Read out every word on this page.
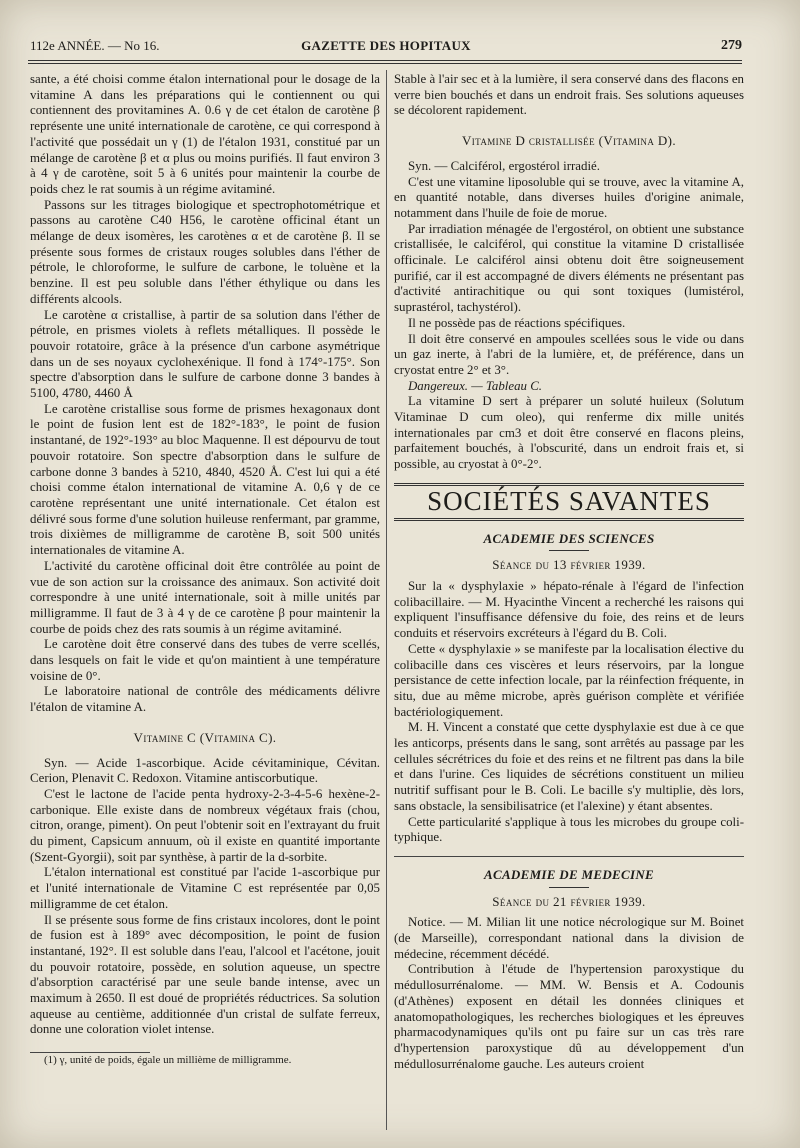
112e ANNÉE. — No 16.	GAZETTE DES HOPITAUX	279

sante, a été choisi comme étalon international pour le dosage de la vitamine A dans les préparations qui le contiennent ou qui contiennent des provitamines A. 0.6 γ de cet étalon de carotène β représente une unité internationale de carotène, ce qui correspond à l'activité que possédait un γ (1) de l'étalon 1931, constitué par un mélange de carotène β et α plus ou moins purifiés. Il faut environ 3 à 4 γ de carotène, soit 5 à 6 unités pour maintenir la courbe de poids chez le rat soumis à un régime avitaminé.

Passons sur les titrages biologique et spectrophotométrique et passons au carotène C40 H56, le carotène officinal étant un mélange de deux isomères, les carotènes α et de carotène β. Il se présente sous formes de cristaux rouges solubles dans l'éther de pétrole, le chloroforme, le sulfure de carbone, le toluène et la benzine. Il est peu soluble dans l'éther éthylique ou dans les différents alcools.

Le carotène α cristallise, à partir de sa solution dans l'éther de pétrole, en prismes violets à reflets métalliques. Il possède le pouvoir rotatoire, grâce à la présence d'un carbone asymétrique dans un de ses noyaux cyclohexénique. Il fond à 174°-175°. Son spectre d'absorption dans le sulfure de carbone donne 3 bandes à 5100, 4780, 4460 Å

Le carotène cristallise sous forme de prismes hexagonaux dont le point de fusion lent est de 182°-183°, le point de fusion instantané, de 192°-193° au bloc Maquenne. Il est dépourvu de tout pouvoir rotatoire. Son spectre d'absorption dans le sulfure de carbone donne 3 bandes à 5210, 4840, 4520 Å. C'est lui qui a été choisi comme étalon international de vitamine A. 0,6 γ de ce carotène représentant une unité internationale. Cet étalon est délivré sous forme d'une solution huileuse renfermant, par gramme, trois dixièmes de milligramme de carotène B, soit 500 unités internationales de vitamine A.

L'activité du carotène officinal doit être contrôlée au point de vue de son action sur la croissance des animaux. Son activité doit correspondre à une unité internationale, soit à mille unités par milligramme. Il faut de 3 à 4 γ de ce carotène β pour maintenir la courbe de poids chez des rats soumis à un régime avitaminé.

Le carotène doit être conservé dans des tubes de verre scellés, dans lesquels on fait le vide et qu'on maintient à une température voisine de 0°.

Le laboratoire national de contrôle des médicaments délivre l'étalon de vitamine A.

Vitamine C (Vitamina C).

Syn. — Acide 1-ascorbique. Acide cévitaminique, Cévitan. Cerion, Plenavit C. Redoxon. Vitamine antiscorbutique.

C'est le lactone de l'acide penta hydroxy-2-3-4-5-6 hexène-2-carbonique. Elle existe dans de nombreux végétaux frais (chou, citron, orange, piment). On peut l'obtenir soit en l'extrayant du fruit du piment, Capsicum annuum, où il existe en quantité importante (Szent-Gyorgii), soit par synthèse, à partir de la d-sorbite.

L'étalon international est constitué par l'acide 1-ascorbique pur et l'unité internationale de Vitamine C est représentée par 0,05 milligramme de cet étalon.

Il se présente sous forme de fins cristaux incolores, dont le point de fusion est à 189° avec décomposition, le point de fusion instantané, 192°. Il est soluble dans l'eau, l'alcool et l'acétone, jouit du pouvoir rotatoire, possède, en solution aqueuse, un spectre d'absorption caractérisé par une seule bande intense, avec un maximum à 2650. Il est doué de propriétés réductrices. Sa solution aqueuse au centième, additionnée d'un cristal de sulfate ferreux, donne une coloration violet intense.

(1) γ, unité de poids, égale un millième de milligramme.

Stable à l'air sec et à la lumière, il sera conservé dans des flacons en verre bien bouchés et dans un endroit frais. Ses solutions aqueuses se décolorent rapidement.

Vitamine D cristallisée (Vitamina D).

Syn. — Calciférol, ergostérol irradié.

C'est une vitamine liposoluble qui se trouve, avec la vitamine A, en quantité notable, dans diverses huiles d'origine animale, notamment dans l'huile de foie de morue.

Par irradiation ménagée de l'ergostérol, on obtient une substance cristallisée, le calciférol, qui constitue la vitamine D cristallisée officinale. Le calciférol ainsi obtenu doit être soigneusement purifié, car il est accompagné de divers éléments ne présentant pas d'activité antirachitique ou qui sont toxiques (lumistérol, suprastérol, tachystérol).

Il ne possède pas de réactions spécifiques.

Il doit être conservé en ampoules scellées sous le vide ou dans un gaz inerte, à l'abri de la lumière, et, de préférence, dans un cryostat entre 2° et 3°.

Dangereux. — Tableau C.

La vitamine D sert à préparer un soluté huileux (Solutum Vitaminae D cum oleo), qui renferme dix mille unités internationales par cm3 et doit être conservé en flacons pleins, parfaitement bouchés, à l'obscurité, dans un endroit frais et, si possible, au cryostat à 0°-2°.

SOCIÉTÉS SAVANTES
ACADEMIE DES SCIENCES
Séance du 13 février 1939.

Sur la « dysphylaxie » hépato-rénale à l'égard de l'infection colibacillaire. — M. Hyacinthe Vincent a recherché les raisons qui expliquent l'insuffisance défensive du foie, des reins et de leurs conduits et réservoirs excréteurs à l'égard du B. Coli.

Cette « dysphylaxie » se manifeste par la localisation élective du colibacille dans ces viscères et leurs réservoirs, par la longue persistance de cette infection locale, par la réinfection fréquente, in situ, due au même microbe, après guérison complète et vérifiée bactériologiquement.

M. H. Vincent a constaté que cette dysphylaxie est due à ce que les anticorps, présents dans le sang, sont arrêtés au passage par les cellules sécrétrices du foie et des reins et ne filtrent pas dans la bile et dans l'urine. Ces liquides de sécrétions constituent un milieu nutritif suffisant pour le B. Coli. Le bacille s'y multiplie, dès lors, sans obstacle, la sensibilisatrice (et l'alexine) y étant absentes.

Cette particularité s'applique à tous les microbes du groupe coli-typhique.

ACADEMIE DE MEDECINE
Séance du 21 février 1939.

Notice. — M. Milian lit une notice nécrologique sur M. Boinet (de Marseille), correspondant national dans la division de médecine, récemment décédé.

Contribution à l'étude de l'hypertension paroxystique du médullosurrénalome. — MM. W. Bensis et A. Codounis (d'Athènes) exposent en détail les données cliniques et anatomopathologiques, les recherches biologiques et les épreuves pharmacodynamiques qu'ils ont pu faire sur un cas très rare d'hypertension paroxystique dû au développement d'un médullosurrénalome gauche. Les auteurs croient
